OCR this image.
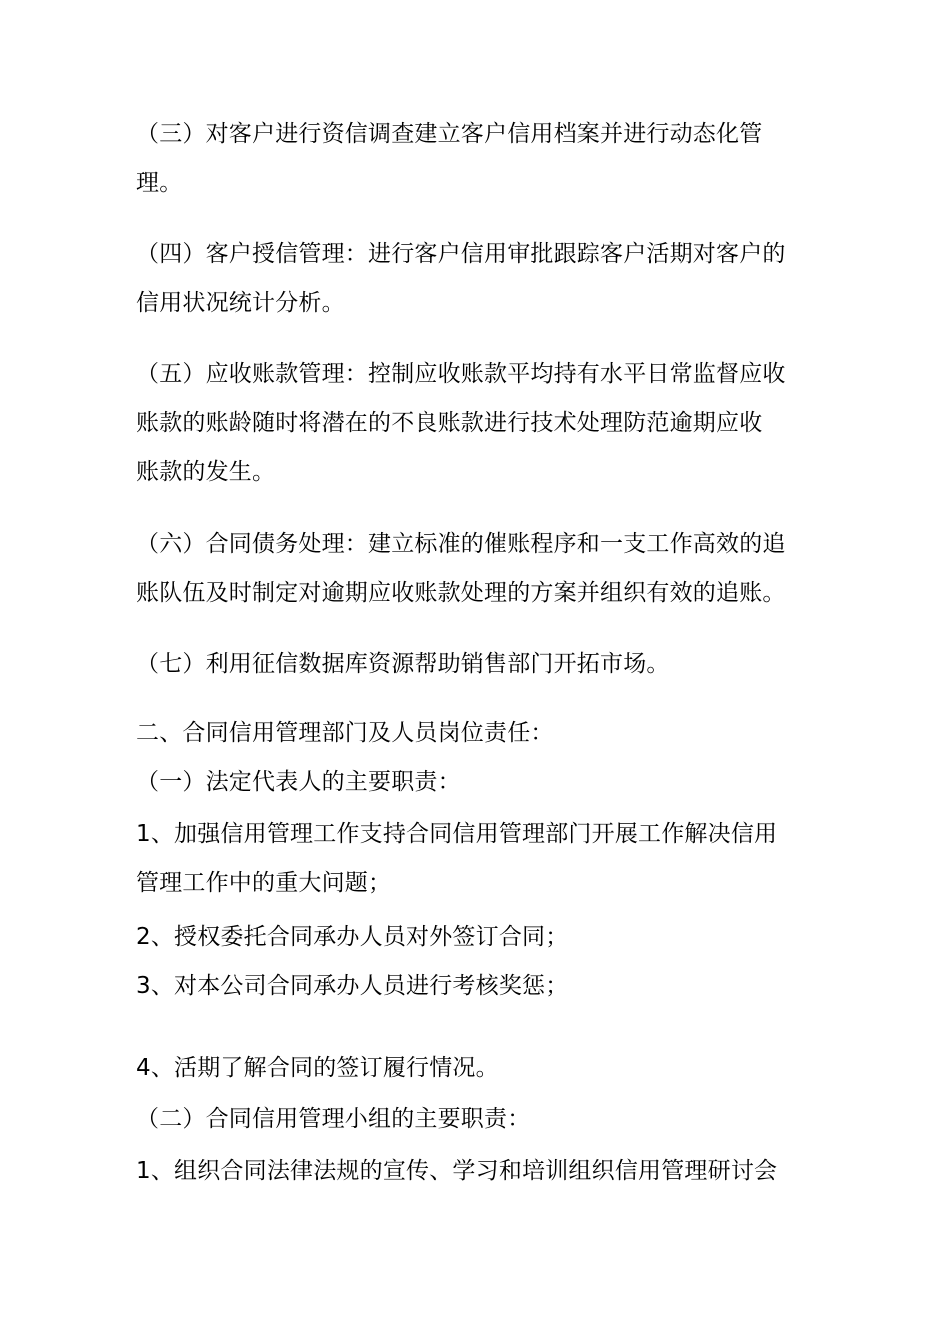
（三）对客户进行资信调查建立客户信用档案并进行动态化管
理。
（四）客户授信管理：进行客户信用审批跟踪客户活期对客户的
信用状况统计分析。
（五）应收账款管理：控制应收账款平均持有水平日常监督应收
账款的账龄随时将潜在的不良账款进行技术处理防范逾期应收
账款的发生。
（六）合同债务处理：建立标准的催账程序和一支工作高效的追
账队伍及时制定对逾期应收账款处理的方案并组织有效的追账。
（七）利用征信数据库资源帮助销售部门开拓市场。
二、合同信用管理部门及人员岗位责任：
（一）法定代表人的主要职责：
1、加强信用管理工作支持合同信用管理部门开展工作解决信用
管理工作中的重大问题；
2、授权委托合同承办人员对外签订合同；
3、对本公司合同承办人员进行考核奖惩；
4、活期了解合同的签订履行情况。
（二）合同信用管理小组的主要职责：
1、组织合同法律法规的宣传、学习和培训组织信用管理研讨会
